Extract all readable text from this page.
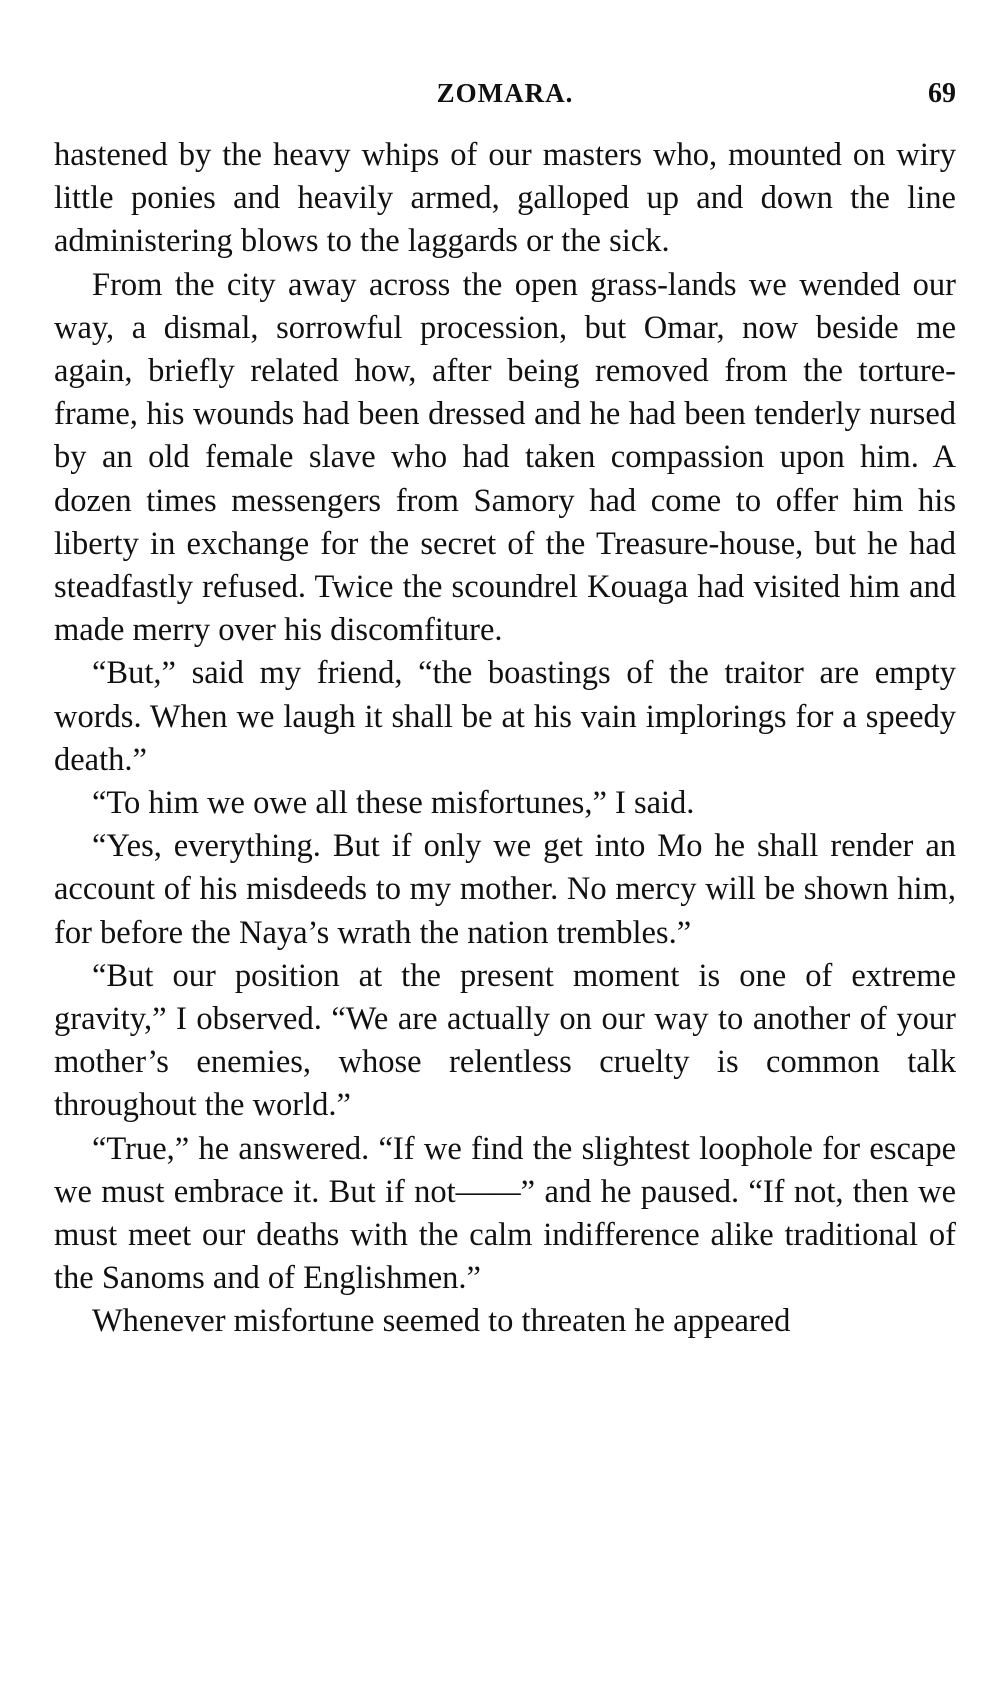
ZOMARA.	69

hastened by the heavy whips of our masters who, mounted on wiry little ponies and heavily armed, galloped up and down the line administering blows to the laggards or the sick.

From the city away across the open grass-lands we wended our way, a dismal, sorrowful procession, but Omar, now beside me again, briefly related how, after being removed from the torture-frame, his wounds had been dressed and he had been tenderly nursed by an old female slave who had taken compassion upon him. A dozen times messengers from Samory had come to offer him his liberty in exchange for the secret of the Treasure-house, but he had steadfastly refused. Twice the scoundrel Kouaga had visited him and made merry over his discomfiture.

“But,” said my friend, “the boastings of the traitor are empty words. When we laugh it shall be at his vain implorings for a speedy death.”

“To him we owe all these misfortunes,” I said.

“Yes, everything. But if only we get into Mo he shall render an account of his misdeeds to my mother. No mercy will be shown him, for before the Naya’s wrath the nation trembles.”

“But our position at the present moment is one of extreme gravity,” I observed. “We are actually on our way to another of your mother’s enemies, whose relentless cruelty is common talk throughout the world.”

“True,” he answered. “If we find the slightest loophole for escape we must embrace it. But if not——” and he paused. “If not, then we must meet our deaths with the calm indifference alike traditional of the Sanoms and of Englishmen.”

Whenever misfortune seemed to threaten he appeared
